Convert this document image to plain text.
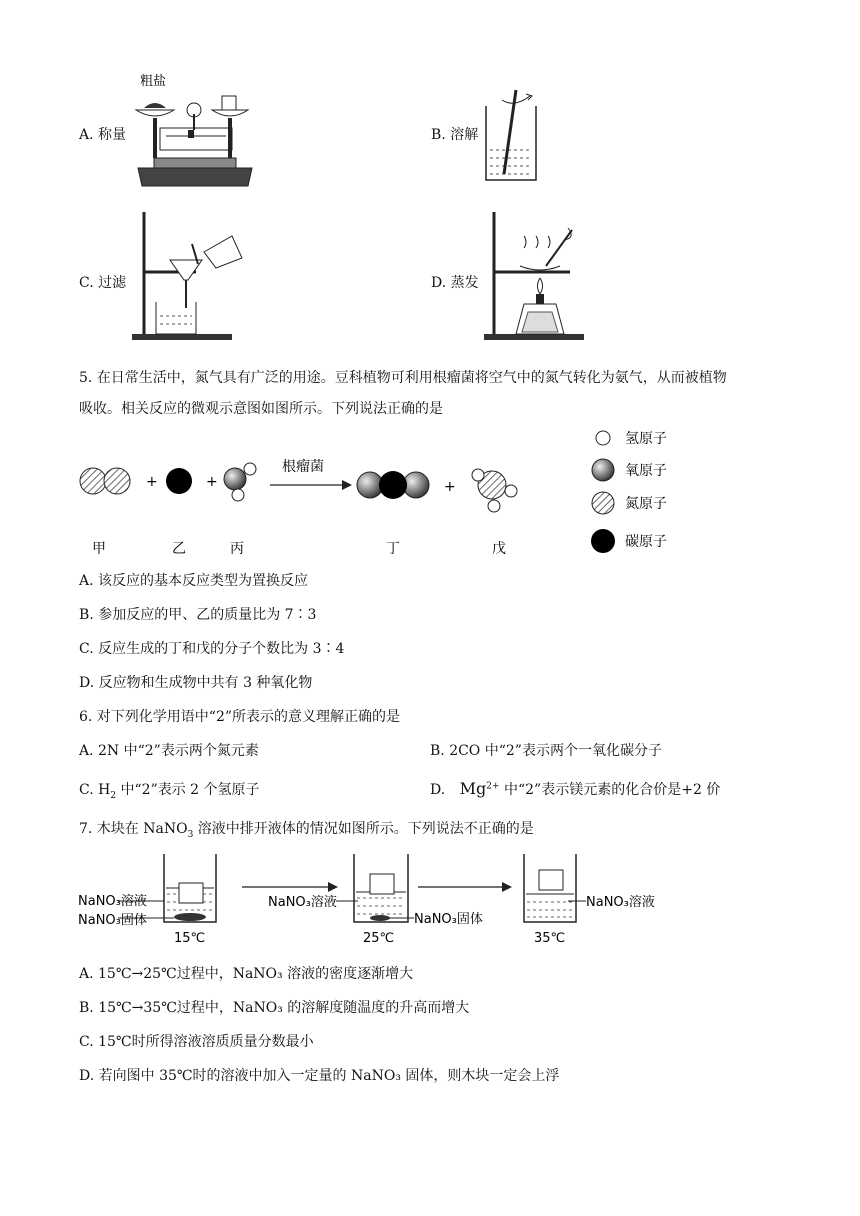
A. 称量
粗盐
B. 溶解
C. 过滤	D. 蒸发
5. 在日常生活中，氮气具有广泛的用途。豆科植物可利用根瘤菌将空气中的氮气转化为氨气，从而被植物
吸收。相关反应的微观示意图如图所示。下列说法正确的是
+	+
根瘤菌
+
甲	乙	丙	丁	戊
氢原子
氧原子
氮原子
碳原子
A. 该反应的基本反应类型为置换反应
B. 参加反应的甲、乙的质量比为 7∶3
C. 反应生成的丁和戊的分子个数比为 3∶4
D. 反应物和生成物中共有 3 种氧化物
6. 对下列化学用语中“2”所表示的意义理解正确的是
A. 2N 中“2”表示两个氮元素	B. 2CO 中“2”表示两个一氧化碳分子
C. $H_2$ 中“2”表示 2 个氢原子	D. $Mg^{2+}$ 中“2”表示镁元素的化合价是+2 价
7. 木块在 NaNO$_3$ 溶液中排开液体的情况如图所示。下列说法不正确的是
NaNO₃溶液
NaNO₃固体
15℃
NaNO₃溶液
NaNO₃固体
25℃
NaNO₃溶液
35℃
A. 15℃→25℃过程中，NaNO₃ 溶液的密度逐渐增大
B. 15℃→35℃过程中，NaNO₃ 的溶解度随温度的升高而增大
C. 15℃时所得溶液溶质质量分数最小
D. 若向图中 35℃时的溶液中加入一定量的 NaNO₃ 固体，则木块一定会上浮
